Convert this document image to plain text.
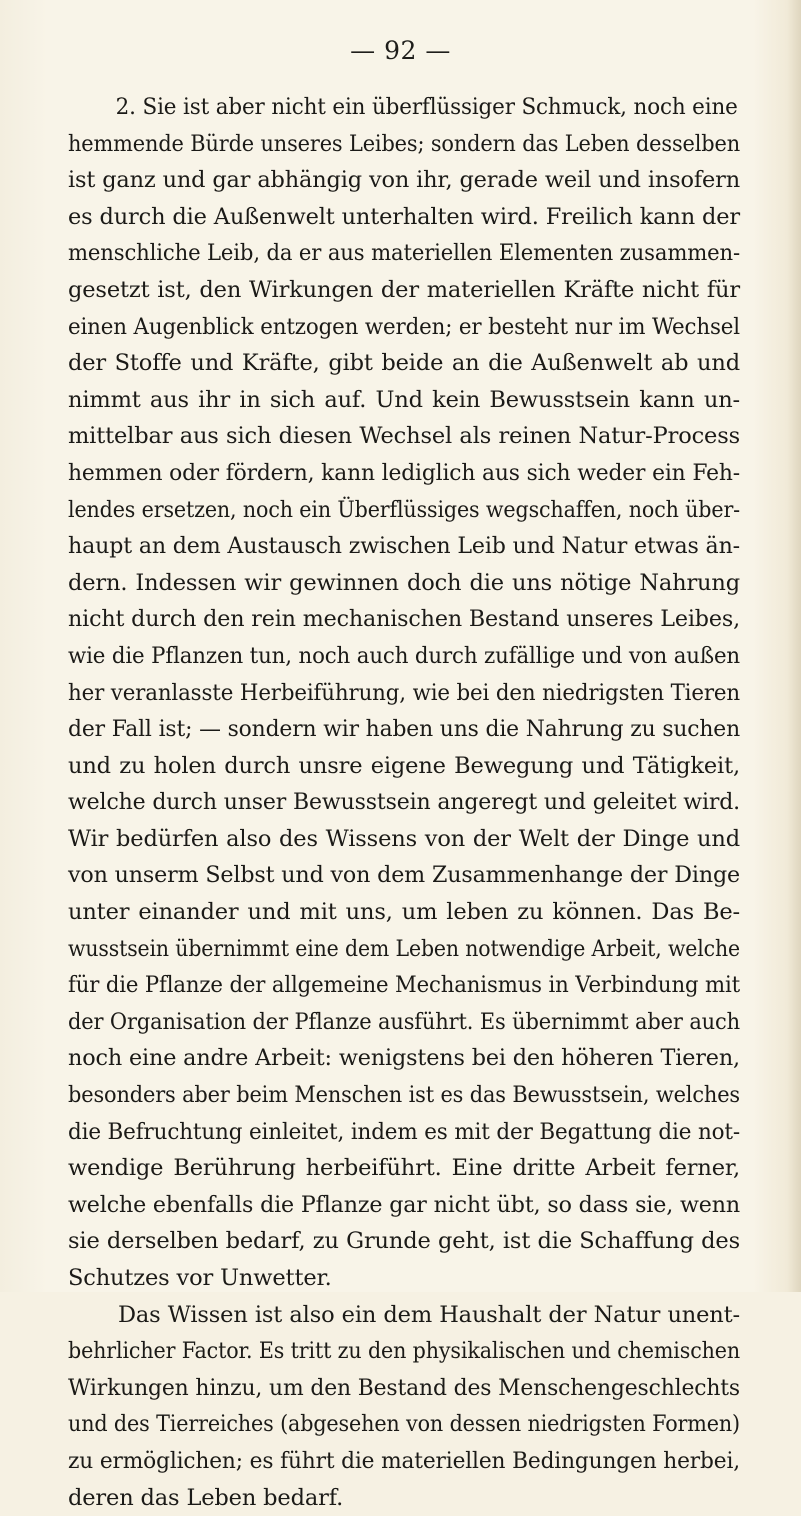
— 92 —
2. Sie ist aber nicht ein überflüssiger Schmuck, noch eine
hemmende Bürde unseres Leibes; sondern das Leben desselben
ist ganz und gar abhängig von ihr, gerade weil und insofern
es durch die Außenwelt unterhalten wird. Freilich kann der
menschliche Leib, da er aus materiellen Elementen zusammen-
gesetzt ist, den Wirkungen der materiellen Kräfte nicht für
einen Augenblick entzogen werden; er besteht nur im Wechsel
der Stoffe und Kräfte, gibt beide an die Außenwelt ab und
nimmt aus ihr in sich auf. Und kein Bewusstsein kann un-
mittelbar aus sich diesen Wechsel als reinen Natur-Process
hemmen oder fördern, kann lediglich aus sich weder ein Feh-
lendes ersetzen, noch ein Überflüssiges wegschaffen, noch über-
haupt an dem Austausch zwischen Leib und Natur etwas än-
dern. Indessen wir gewinnen doch die uns nötige Nahrung
nicht durch den rein mechanischen Bestand unseres Leibes,
wie die Pflanzen tun, noch auch durch zufällige und von außen
her veranlasste Herbeiführung, wie bei den niedrigsten Tieren
der Fall ist; — sondern wir haben uns die Nahrung zu suchen
und zu holen durch unsre eigene Bewegung und Tätigkeit,
welche durch unser Bewusstsein angeregt und geleitet wird.
Wir bedürfen also des Wissens von der Welt der Dinge und
von unserm Selbst und von dem Zusammenhange der Dinge
unter einander und mit uns, um leben zu können. Das Be-
wusstsein übernimmt eine dem Leben notwendige Arbeit, welche
für die Pflanze der allgemeine Mechanismus in Verbindung mit
der Organisation der Pflanze ausführt. Es übernimmt aber auch
noch eine andre Arbeit: wenigstens bei den höheren Tieren,
besonders aber beim Menschen ist es das Bewusstsein, welches
die Befruchtung einleitet, indem es mit der Begattung die not-
wendige Berührung herbeiführt. Eine dritte Arbeit ferner,
welche ebenfalls die Pflanze gar nicht übt, so dass sie, wenn
sie derselben bedarf, zu Grunde geht, ist die Schaffung des
Schutzes vor Unwetter.
Das Wissen ist also ein dem Haushalt der Natur unent-
behrlicher Factor. Es tritt zu den physikalischen und chemischen
Wirkungen hinzu, um den Bestand des Menschengeschlechts
und des Tierreiches (abgesehen von dessen niedrigsten Formen)
zu ermöglichen; es führt die materiellen Bedingungen herbei,
deren das Leben bedarf.
